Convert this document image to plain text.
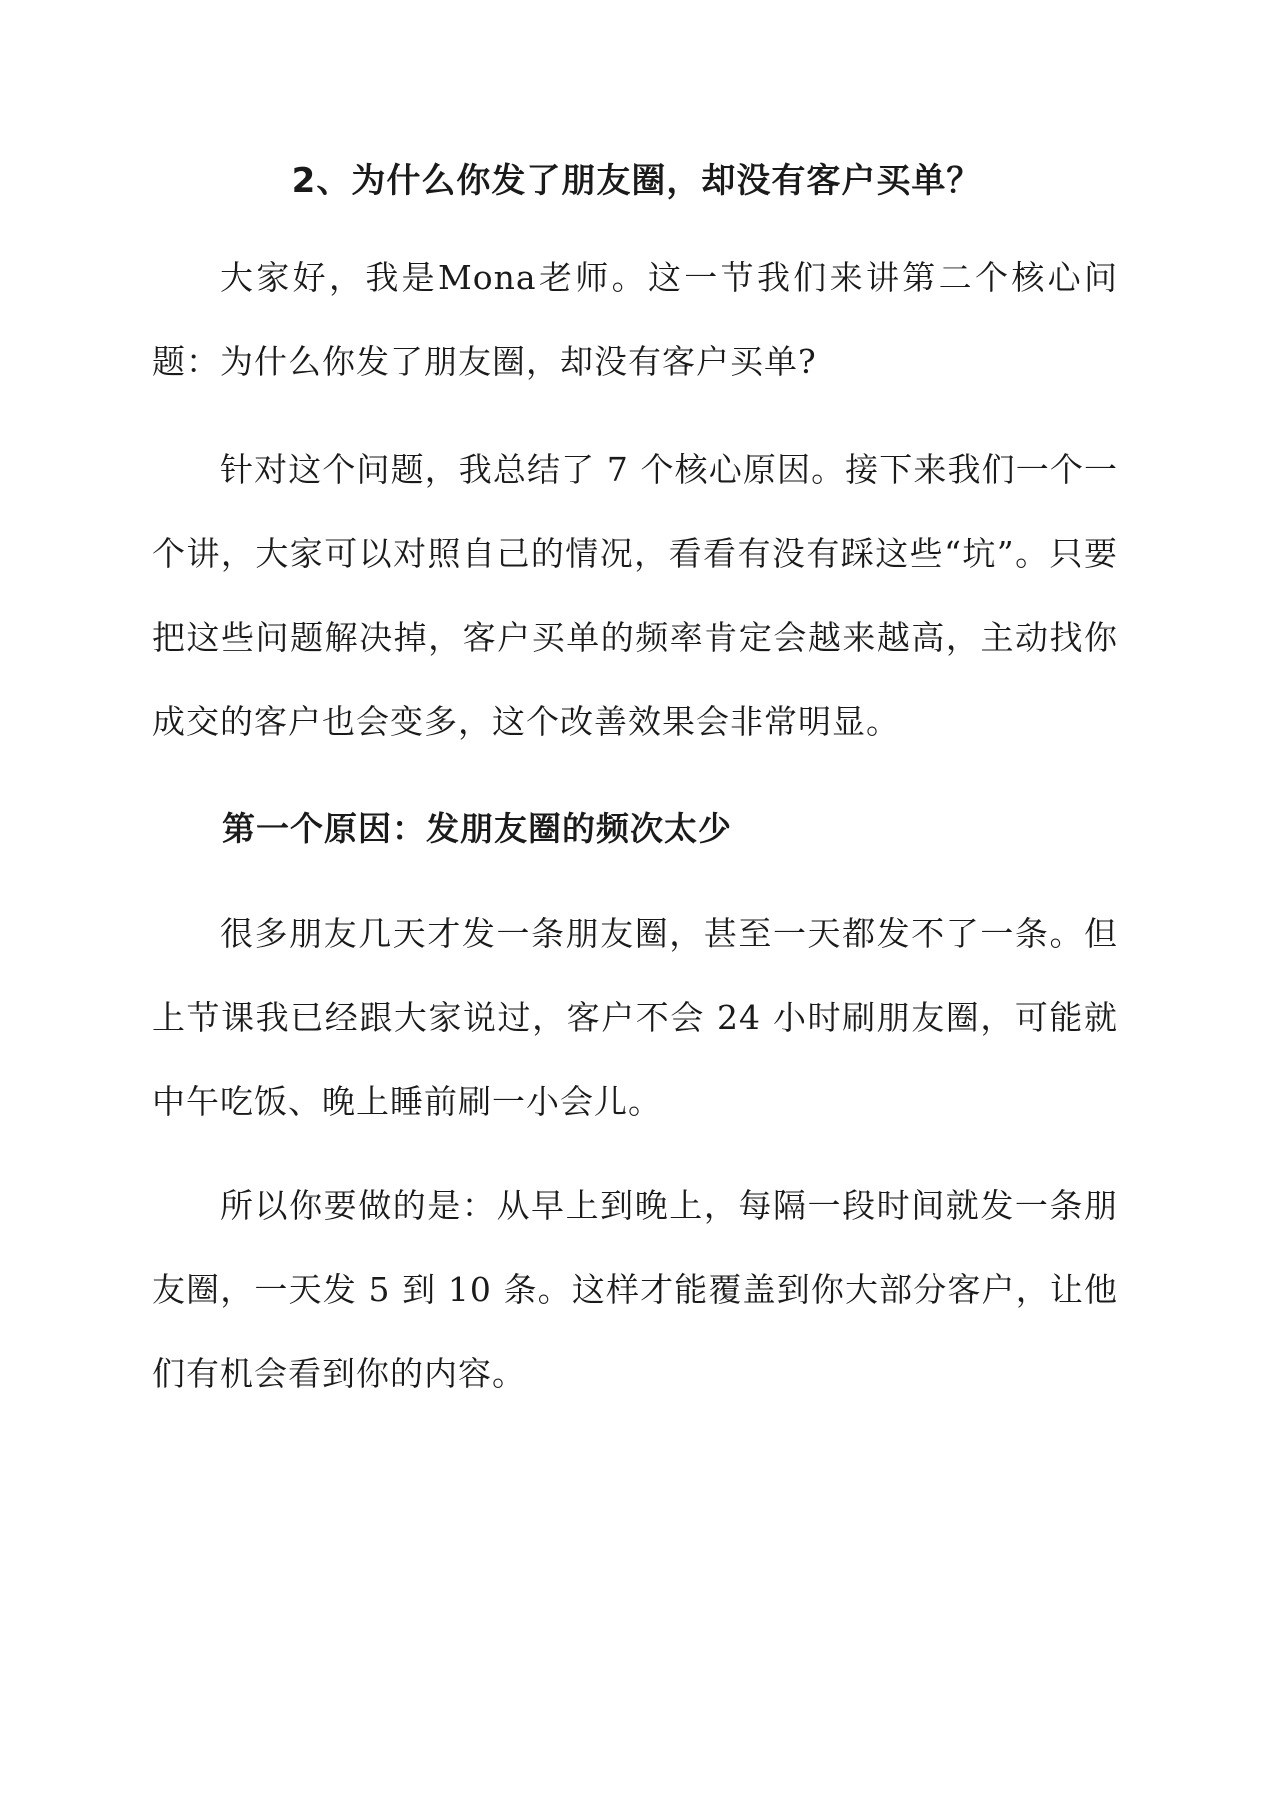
2、为什么你发了朋友圈，却没有客户买单？

大家好，我是Mona老师。这一节我们来讲第二个核心问题：为什么你发了朋友圈，却没有客户买单?

针对这个问题，我总结了 7 个核心原因。接下来我们一个一个讲，大家可以对照自己的情况，看看有没有踩这些“坑”。只要把这些问题解决掉，客户买单的频率肯定会越来越高，主动找你成交的客户也会变多，这个改善效果会非常明显。

第一个原因：发朋友圈的频次太少

很多朋友几天才发一条朋友圈，甚至一天都发不了一条。但上节课我已经跟大家说过，客户不会 24 小时刷朋友圈，可能就中午吃饭、晚上睡前刷一小会儿。

所以你要做的是：从早上到晚上，每隔一段时间就发一条朋友圈，一天发 5 到 10 条。这样才能覆盖到你大部分客户，让他们有机会看到你的内容。
